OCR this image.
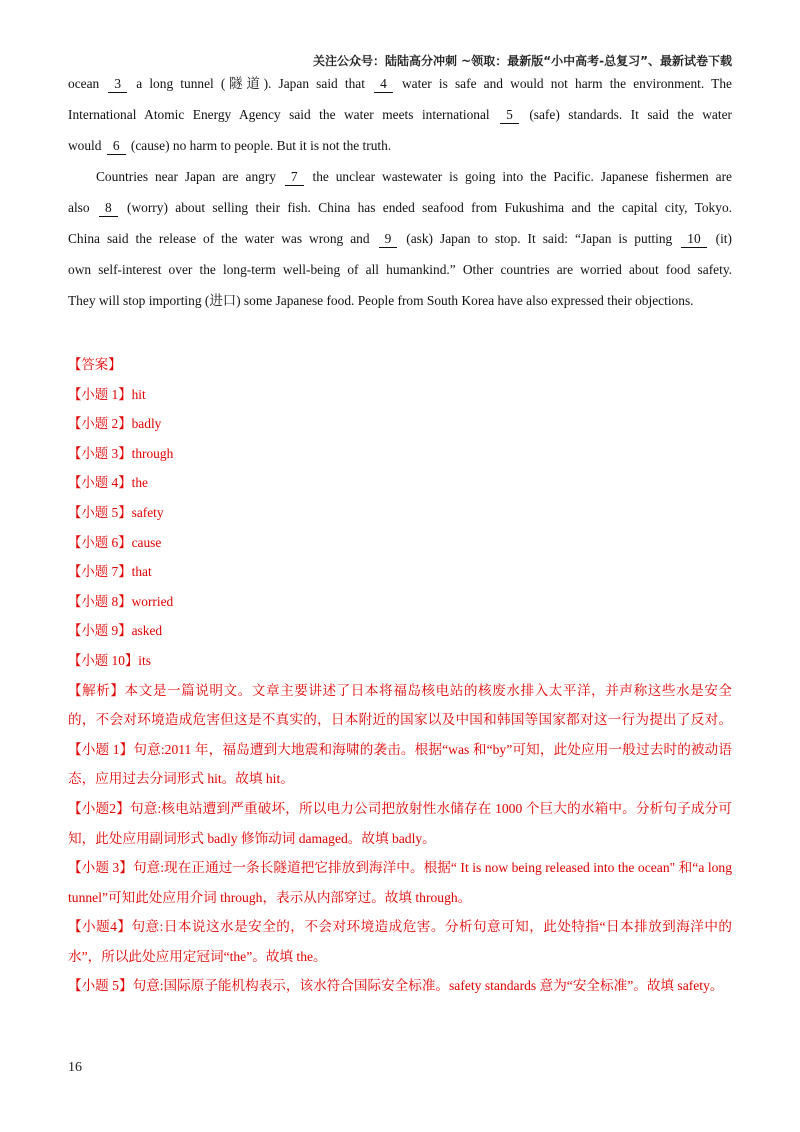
关注公众号：陆陆高分冲刺 ~领取：最新版“小中高考-总复习”、最新试卷下载
ocean 3 a long tunnel (隧道). Japan said that 4 water is safe and would not harm the environment. The
International Atomic Energy Agency said the water meets international 5 (safe) standards. It said the water
would 6 (cause) no harm to people. But it is not the truth.
Countries near Japan are angry 7 the unclear wastewater is going into the Pacific. Japanese fishermen are
also 8 (worry) about selling their fish. China has ended seafood from Fukushima and the capital city, Tokyo.
China said the release of the water was wrong and 9 (ask) Japan to stop. It said: “Japan is putting 10 (it)
own self-interest over the long-term well-being of all humankind.” Other countries are worried about food safety.
They will stop importing (进口) some Japanese food. People from South Korea have also expressed their objections.
【答案】
【小题 1】hit
【小题 2】badly
【小题 3】through
【小题 4】the
【小题 5】safety
【小题 6】cause
【小题 7】that
【小题 8】worried
【小题 9】asked
【小题 10】its

【解析】本文是一篇说明文。文章主要讲述了日本将福岛核电站的核废水排入太平洋，并声称这些水是安全的，不会对环境造成危害但这是不真实的，日本附近的国家以及中国和韩国等国家都对这一行为提出了反对。【小题 1】句意:2011 年，福岛遭到大地震和海啸的袭击。根据“was 和“by”可知，此处应用一般过去时的被动语态，应用过去分词形式 hit。故填 hit。

【小题2】句意:核电站遭到严重破坏，所以电力公司把放射性水储存在 1000 个巨大的水箱中。分析句子成分可知，此处应用副词形式 badly 修饰动词 damaged。故填 badly。

【小题 3】句意:现在正通过一条长隧道把它排放到海洋中。根据“ It is now being released into the ocean" 和“a long tunnel”可知此处应用介词 through，表示从内部穿过。故填 through。

【小题4】句意:日本说这水是安全的，不会对环境造成危害。分析句意可知，此处特指“日本排放到海洋中的水”，所以此处应用定冠词“the”。故填 the。

【小题 5】句意:国际原子能机构表示，该水符合国际安全标准。safety standards 意为“安全标准”。故填 safety。

16
